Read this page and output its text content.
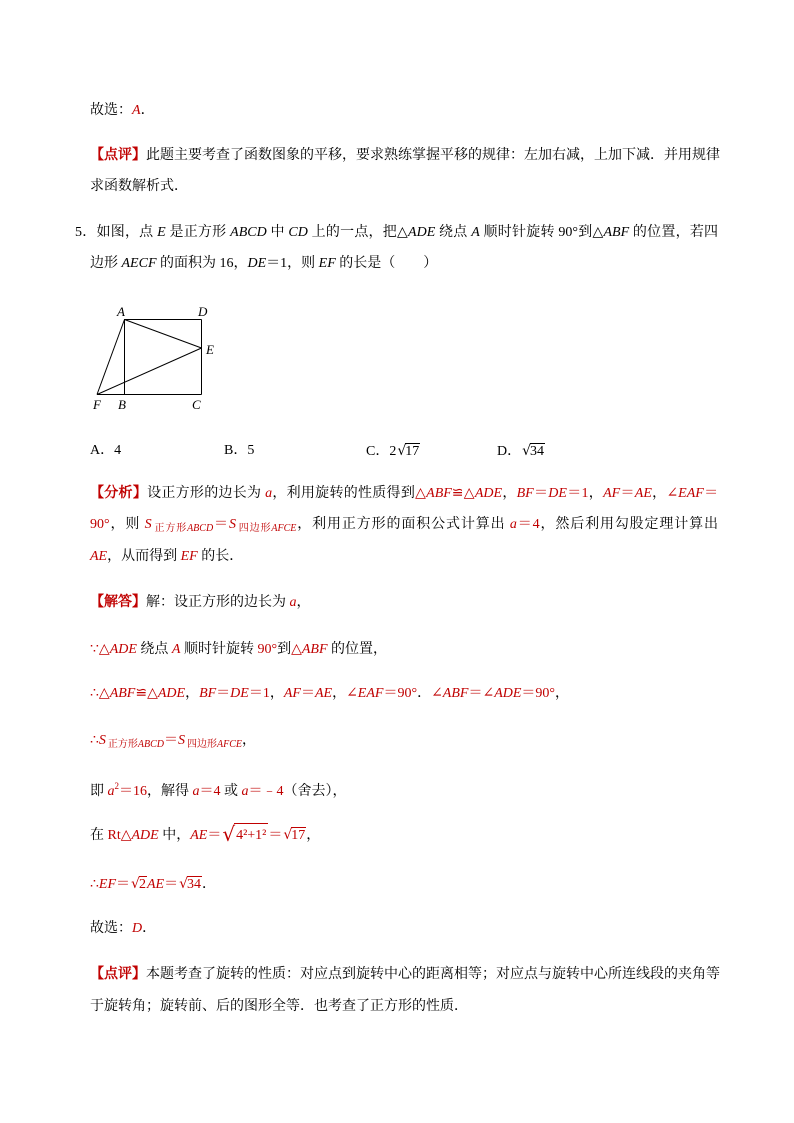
故选：A．
【点评】此题主要考查了函数图象的平移，要求熟练掌握平移的规律：左加右减，上加下减．并用规律
求函数解析式．
5．如图，点 E 是正方形 ABCD 中 CD 上的一点，把△ADE 绕点 A 顺时针旋转 90°到△ABF 的位置，若四
边形 AECF 的面积为 16，DE＝1，则 EF 的长是（　　）
A	D
E
F B	C
A．4	B．5	C．2√17	D．√34
【分析】设正方形的边长为 a，利用旋转的性质得到△ABF≌△ADE，BF＝DE＝1，AF＝AE，∠EAF＝
90°，则 S $_{正方形ABCD}$＝S $_{四边形AFCE}$，利用正方形的面积公式计算出 a＝4，然后利用勾股定理计算出
AE，从而得到 EF 的长．
【解答】解：设正方形的边长为 a，
∵△ADE 绕点 A 顺时针旋转 90°到△ABF 的位置，
∴△ABF≌△ADE，BF＝DE＝1，AF＝AE，∠EAF＝90°．∠ABF＝∠ADE＝90°，
∴S $_{正方形ABCD}$＝S $_{四边形AFCE}$，
即 $a^2=16$，解得 a＝4 或 a＝﹣4（舍去），
在 Rt△ADE 中，AE＝√4²+1² ＝√17，
∴EF＝√2AE＝√34．
故选：D．
【点评】本题考查了旋转的性质：对应点到旋转中心的距离相等；对应点与旋转中心所连线段的夹角等
于旋转角；旋转前、后的图形全等．也考查了正方形的性质．
